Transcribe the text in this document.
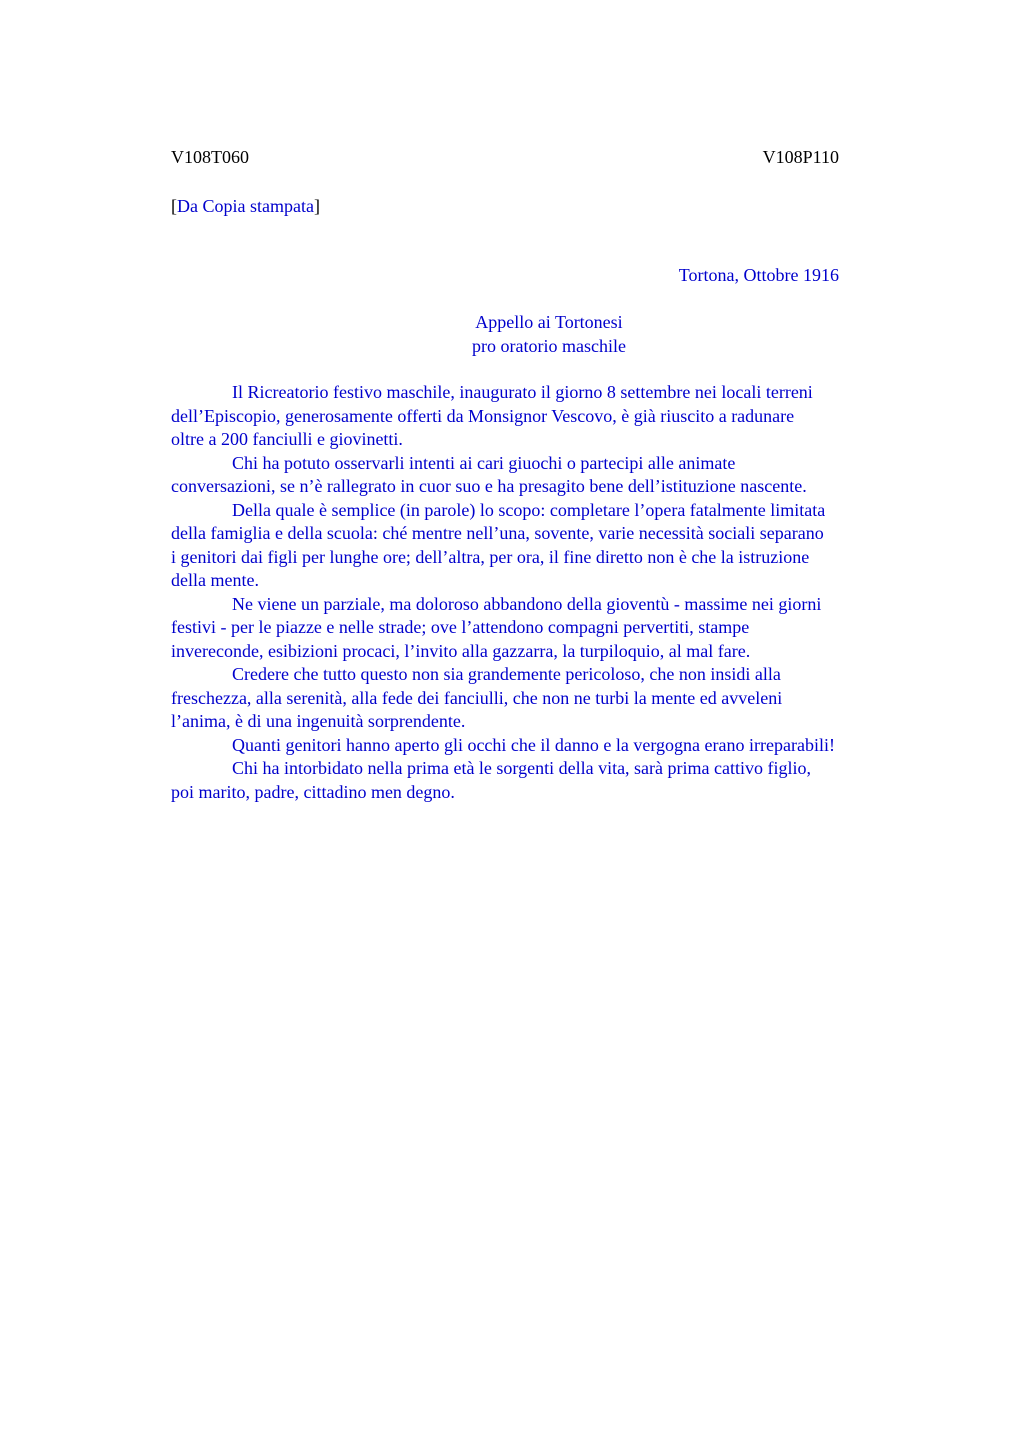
V108T060	V108P110
[Da Copia stampata]
Tortona, Ottobre 1916
Appello ai Tortonesi
pro oratorio maschile

Il Ricreatorio festivo maschile, inaugurato il giorno 8 settembre nei locali terreni
dell’Episcopio, generosamente offerti da Monsignor Vescovo, è già riuscito a radunare
oltre a 200 fanciulli e giovinetti.

Chi ha potuto osservarli intenti ai cari giuochi o partecipi alle animate
conversazioni, se n’è rallegrato in cuor suo e ha presagito bene dell’istituzione nascente.

Della quale è semplice (in parole) lo scopo: completare l’opera fatalmente limitata
della famiglia e della scuola: ché mentre nell’una, sovente, varie necessità sociali separano
i genitori dai figli per lunghe ore; dell’altra, per ora, il fine diretto non è che la istruzione
della mente.

Ne viene un parziale, ma doloroso abbandono della gioventù - massime nei giorni
festivi - per le piazze e nelle strade; ove l’attendono compagni pervertiti, stampe
invereconde, esibizioni procaci, l’invito alla gazzarra, la turpiloquio, al mal fare.

Credere che tutto questo non sia grandemente pericoloso, che non insidi alla
freschezza, alla serenità, alla fede dei fanciulli, che non ne turbi la mente ed avveleni
l’anima, è di una ingenuità sorprendente.

Quanti genitori hanno aperto gli occhi che il danno e la vergogna erano irreparabili!

Chi ha intorbidato nella prima età le sorgenti della vita, sarà prima cattivo figlio,
poi marito, padre, cittadino men degno.
